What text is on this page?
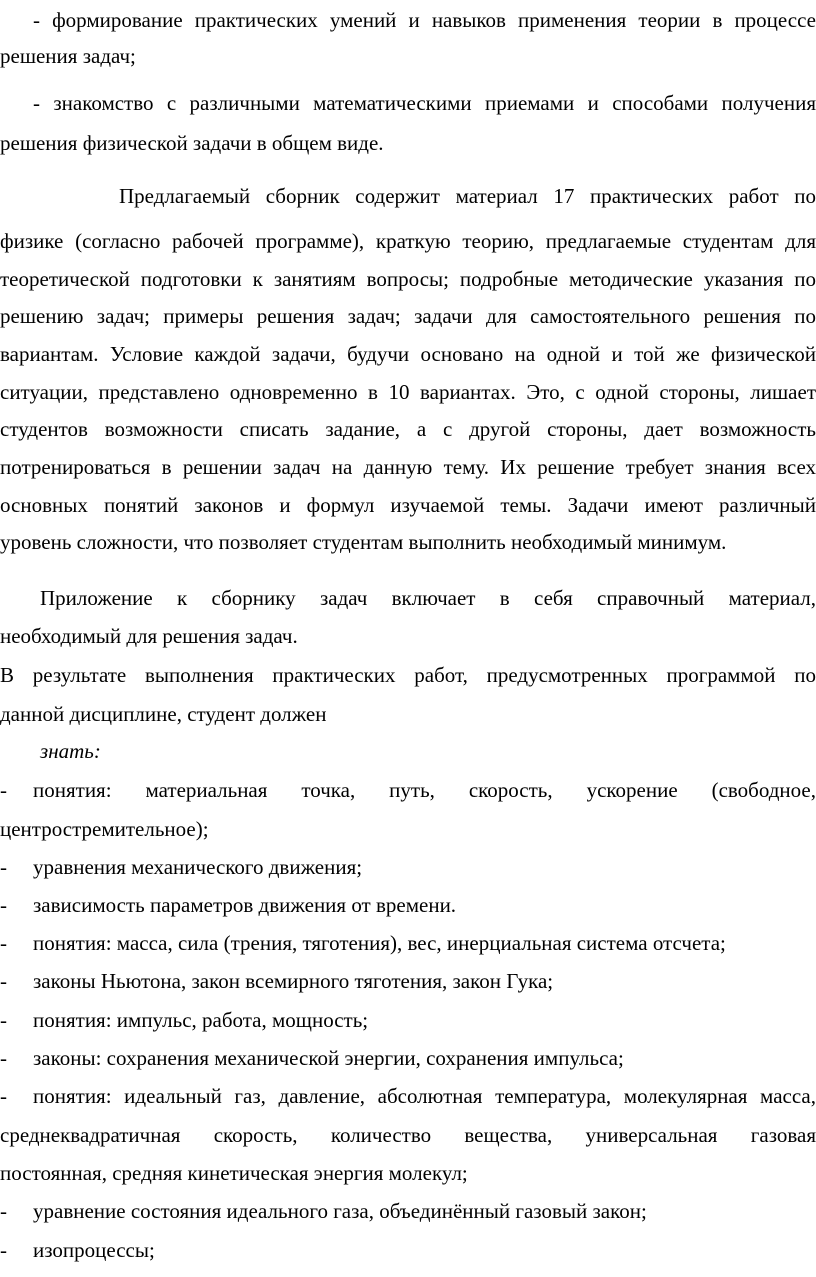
- формирование практических умений и навыков применения теории в процессе
решения задач;
- знакомство с различными математическими приемами и способами получения
решения физической задачи в общем виде.
Предлагаемый сборник содержит материал 17 практических работ по
физике (согласно рабочей программе), краткую теорию, предлагаемые студентам для
теоретической подготовки к занятиям вопросы; подробные методические указания по
решению задач; примеры решения задач; задачи для самостоятельного решения по
вариантам. Условие каждой задачи, будучи основано на одной и той же физической
ситуации, представлено одновременно в 10 вариантах. Это, с одной стороны, лишает
студентов возможности списать задание, а с другой стороны, дает возможность
потренироваться в решении задач на данную тему. Их решение требует знания всех
основных понятий законов и формул изучаемой темы. Задачи имеют различный
уровень сложности, что позволяет студентам выполнить необходимый минимум.
Приложение к сборнику задач включает в себя справочный материал,
необходимый для решения задач.
В результате выполнения практических работ, предусмотренных программой по
данной дисциплине, студент должен
знать:
-	понятия: материальная точка, путь, скорость, ускорение (свободное,
центростремительное);
-	уравнения механического движения;
-	зависимость параметров движения от времени.
-	понятия: масса, сила (трения, тяготения), вес, инерциальная система отсчета;
-	законы Ньютона, закон всемирного тяготения, закон Гука;
-	понятия: импульс, работа, мощность;
-	законы: сохранения механической энергии, сохранения импульса;
-	понятия: идеальный газ, давление, абсолютная температура, молекулярная масса,
среднеквадратичная скорость, количество вещества, универсальная газовая
постоянная, средняя кинетическая энергия молекул;
-	уравнение состояния идеального газа, объединённый газовый закон;
-	изопроцессы;
